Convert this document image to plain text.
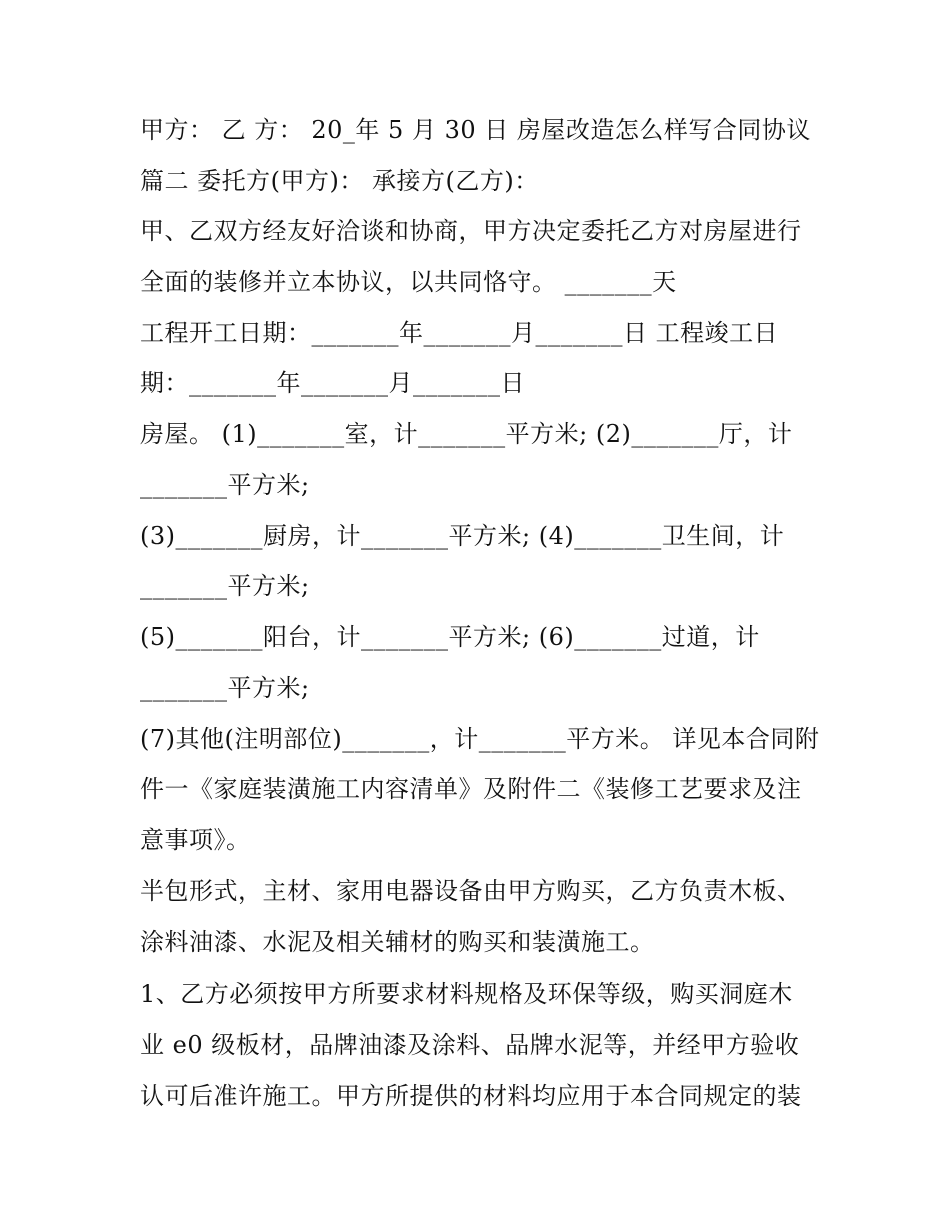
甲方： 乙 方： 20_年 5 月 30 日 房屋改造怎么样写合同协议
篇二 委托方(甲方)： 承接方(乙方)：
甲、乙双方经友好洽谈和协商，甲方决定委托乙方对房屋进行
全面的装修并立本协议，以共同恪守。 _______天
工程开工日期：_______年_______月_______日 工程竣工日
期：_______年_______月_______日
房屋。 (1)_______室，计_______平方米; (2)_______厅，计
_______平方米;
(3)_______厨房，计_______平方米; (4)_______卫生间，计
_______平方米;
(5)_______阳台，计_______平方米; (6)_______过道，计
_______平方米;
(7)其他(注明部位)_______，计_______平方米。 详见本合同附
件一《家庭装潢施工内容清单》及附件二《装修工艺要求及注
意事项》。
半包形式，主材、家用电器设备由甲方购买，乙方负责木板、
涂料油漆、水泥及相关辅材的购买和装潢施工。
1、乙方必须按甲方所要求材料规格及环保等级，购买洞庭木
业 e0 级板材，品牌油漆及涂料、品牌水泥等，并经甲方验收
认可后准许施工。甲方所提供的材料均应用于本合同规定的装
